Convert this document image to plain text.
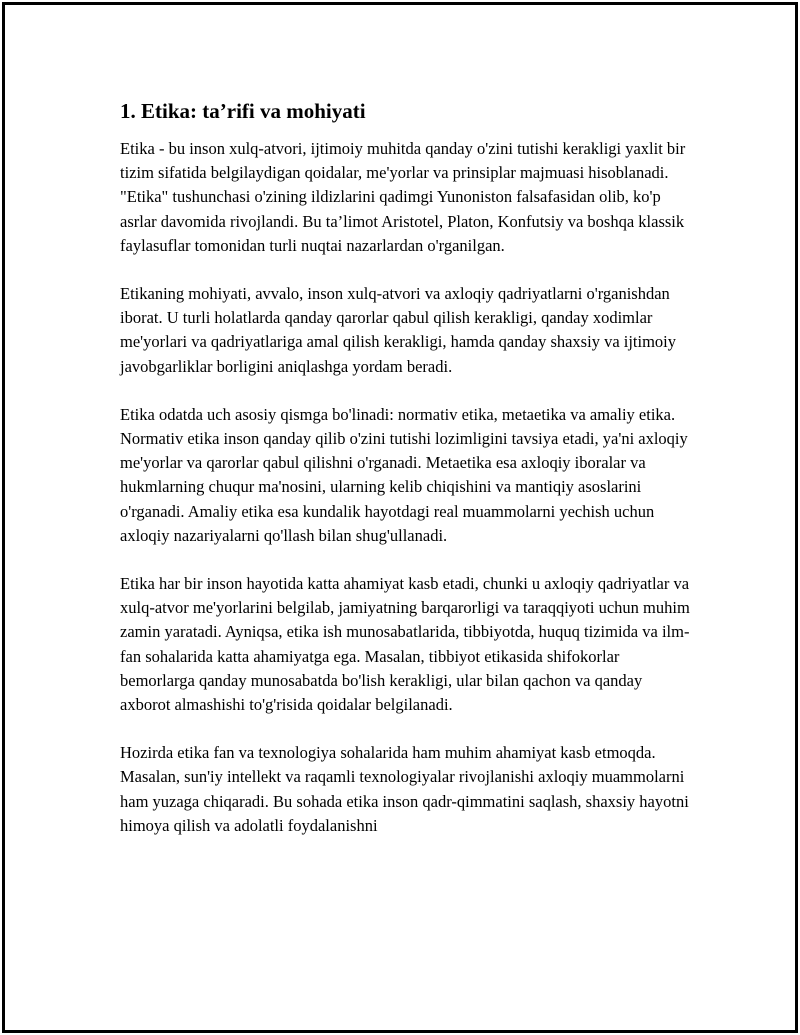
1. Etika: ta’rifi va mohiyati

Etika - bu inson xulq-atvori, ijtimoiy muhitda qanday o'zini tutishi kerakligi yaxlit bir tizim sifatida belgilaydigan qoidalar, me'yorlar va prinsiplar majmuasi hisoblanadi. "Etika" tushunchasi o'zining ildizlarini qadimgi Yunoniston falsafasidan olib, ko'p asrlar davomida rivojlandi. Bu ta’limot Aristotel, Platon, Konfutsiy va boshqa klassik faylasuflar tomonidan turli nuqtai nazarlardan o'rganilgan.

Etikaning mohiyati, avvalo, inson xulq-atvori va axloqiy qadriyatlarni o'rganishdan iborat. U turli holatlarda qanday qarorlar qabul qilish kerakligi, qanday xodimlar me'yorlari va qadriyatlariga amal qilish kerakligi, hamda qanday shaxsiy va ijtimoiy javobgarliklar borligini aniqlashga yordam beradi.

Etika odatda uch asosiy qismga bo'linadi: normativ etika, metaetika va amaliy etika. Normativ etika inson qanday qilib o'zini tutishi lozimligini tavsiya etadi, ya'ni axloqiy me'yorlar va qarorlar qabul qilishni o'rganadi. Metaetika esa axloqiy iboralar va hukmlarning chuqur ma'nosini, ularning kelib chiqishini va mantiqiy asoslarini o'rganadi. Amaliy etika esa kundalik hayotdagi real muammolarni yechish uchun axloqiy nazariyalarni qo'llash bilan shug'ullanadi.

Etika har bir inson hayotida katta ahamiyat kasb etadi, chunki u axloqiy qadriyatlar va xulq-atvor me'yorlarini belgilab, jamiyatning barqarorligi va taraqqiyoti uchun muhim zamin yaratadi. Ayniqsa, etika ish munosabatlarida, tibbiyotda, huquq tizimida va ilm-fan sohalarida katta ahamiyatga ega. Masalan, tibbiyot etikasida shifokorlar bemorlarga qanday munosabatda bo'lish kerakligi, ular bilan qachon va qanday axborot almashishi to'g'risida qoidalar belgilanadi.

Hozirda etika fan va texnologiya sohalarida ham muhim ahamiyat kasb etmoqda. Masalan, sun'iy intellekt va raqamli texnologiyalar rivojlanishi axloqiy muammolarni ham yuzaga chiqaradi. Bu sohada etika inson qadr-qimmatini saqlash, shaxsiy hayotni himoya qilish va adolatli foydalanishni
